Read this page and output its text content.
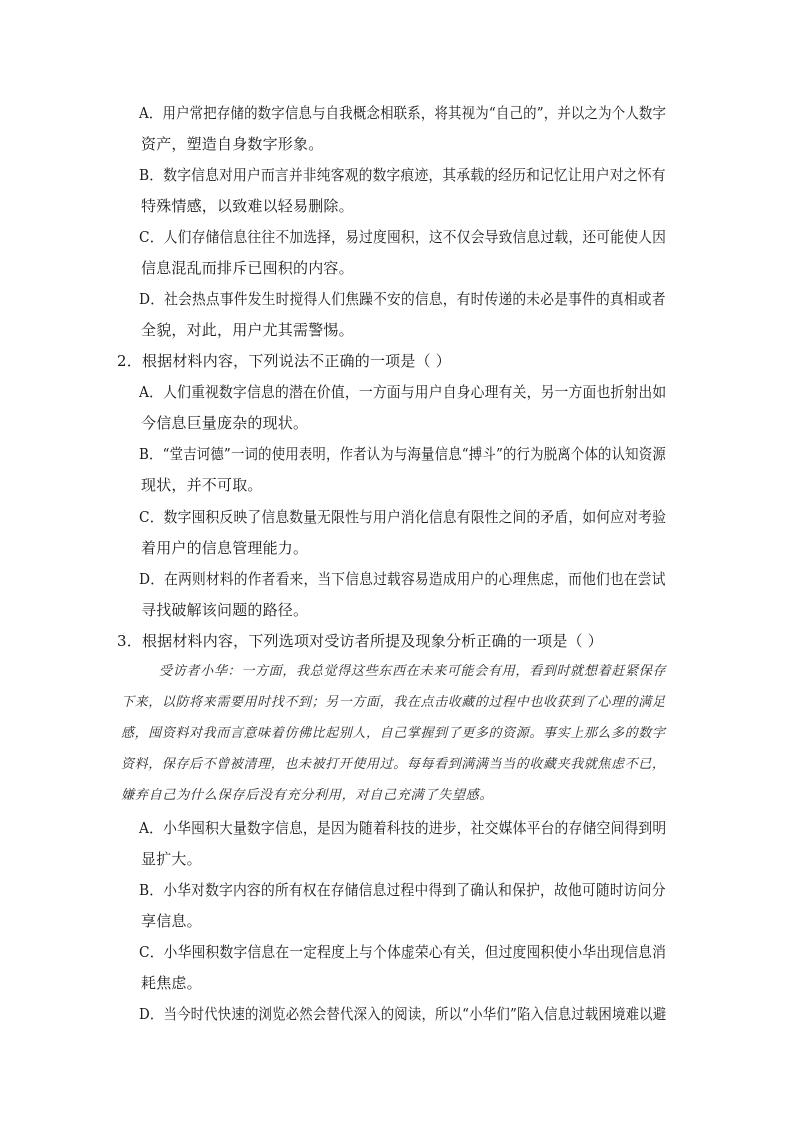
A．用户常把存储的数字信息与自我概念相联系，将其视为“自己的”，并以之为个人数字
资产，塑造自身数字形象。
B．数字信息对用户而言并非纯客观的数字痕迹，其承载的经历和记忆让用户对之怀有
特殊情感，以致难以轻易删除。
C．人们存储信息往往不加选择，易过度囤积，这不仅会导致信息过载，还可能使人因
信息混乱而排斥已囤积的内容。
D．社会热点事件发生时搅得人们焦躁不安的信息，有时传递的未必是事件的真相或者
全貌，对此，用户尤其需警惕。
2．根据材料内容，下列说法不正确的一项是（ ）
A．人们重视数字信息的潜在价值，一方面与用户自身心理有关，另一方面也折射出如
今信息巨量庞杂的现状。
B．“堂吉诃德”一词的使用表明，作者认为与海量信息“搏斗”的行为脱离个体的认知资源
现状，并不可取。
C．数字囤积反映了信息数量无限性与用户消化信息有限性之间的矛盾，如何应对考验
着用户的信息管理能力。
D．在两则材料的作者看来，当下信息过载容易造成用户的心理焦虑，而他们也在尝试
寻找破解该问题的路径。
3．根据材料内容，下列选项对受访者所提及现象分析正确的一项是（ ）
受访者小华：一方面，我总觉得这些东西在未来可能会有用，看到时就想着赶紧保存
下来，以防将来需要用时找不到；另一方面，我在点击收藏的过程中也收获到了心理的满足
感，囤资料对我而言意味着仿佛比起别人，自己掌握到了更多的资源。事实上那么多的数字
资料，保存后不曾被清理，也未被打开使用过。每每看到满满当当的收藏夹我就焦虑不已，
嫌弃自己为什么保存后没有充分利用，对自己充满了失望感。
A．小华囤积大量数字信息，是因为随着科技的进步，社交媒体平台的存储空间得到明
显扩大。
B．小华对数字内容的所有权在存储信息过程中得到了确认和保护，故他可随时访问分
享信息。
C．小华囤积数字信息在一定程度上与个体虚荣心有关，但过度囤积使小华出现信息消
耗焦虑。
D．当今时代快速的浏览必然会替代深入的阅读，所以“小华们”陷入信息过载困境难以避
